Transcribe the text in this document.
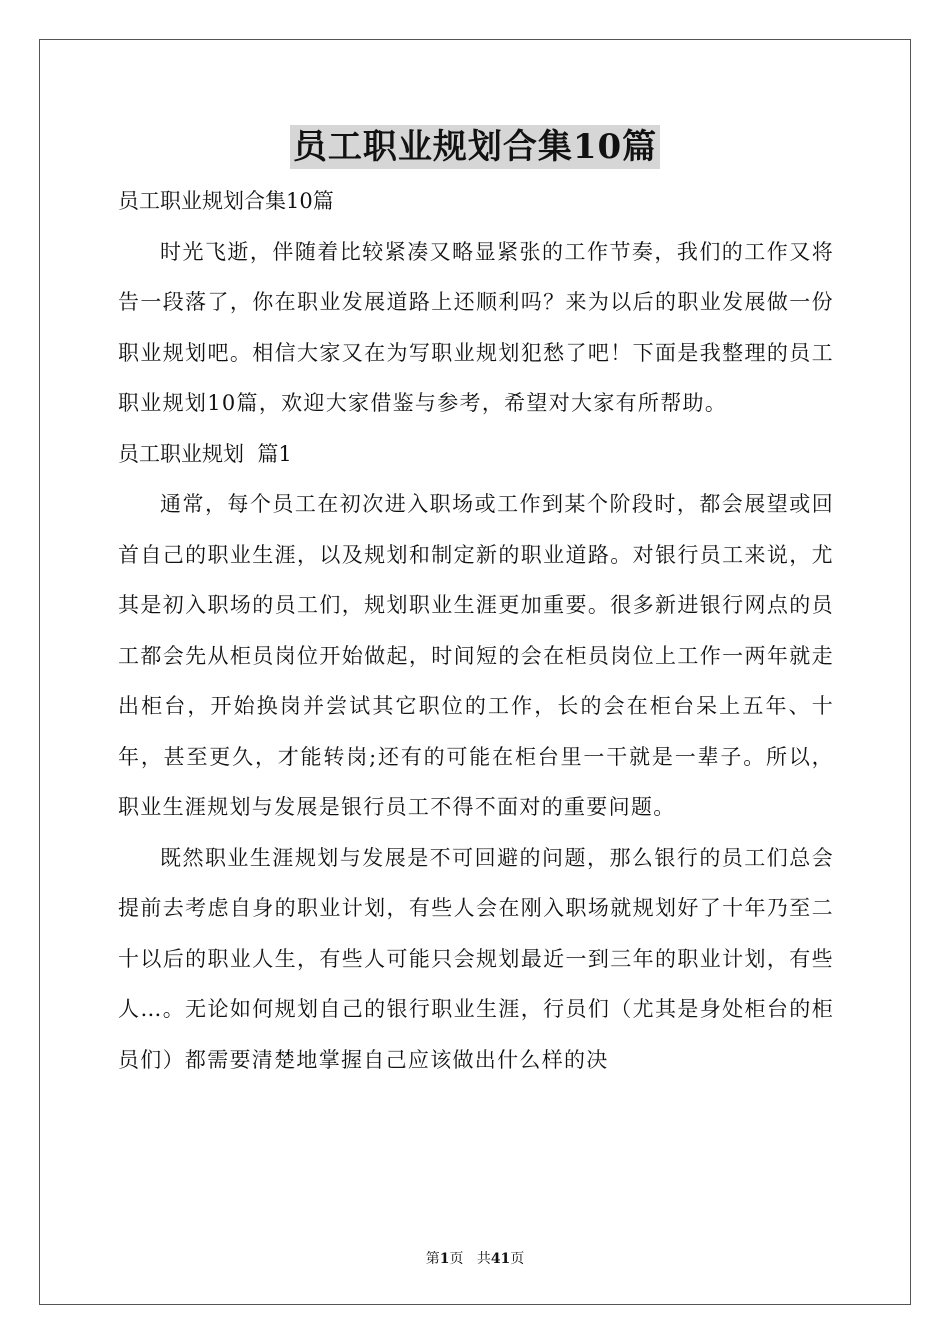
员工职业规划合集10篇
员工职业规划合集10篇

时光飞逝，伴随着比较紧凑又略显紧张的工作节奏，我们的工作又将告一段落了，你在职业发展道路上还顺利吗？来为以后的职业发展做一份职业规划吧。相信大家又在为写职业规划犯愁了吧！下面是我整理的员工职业规划10篇，欢迎大家借鉴与参考，希望对大家有所帮助。

员工职业规划  篇1

通常，每个员工在初次进入职场或工作到某个阶段时，都会展望或回首自己的职业生涯，以及规划和制定新的职业道路。对银行员工来说，尤其是初入职场的员工们，规划职业生涯更加重要。很多新进银行网点的员工都会先从柜员岗位开始做起，时间短的会在柜员岗位上工作一两年就走出柜台，开始换岗并尝试其它职位的工作，长的会在柜台呆上五年、十年，甚至更久，才能转岗;还有的可能在柜台里一干就是一辈子。所以，职业生涯规划与发展是银行员工不得不面对的重要问题。

既然职业生涯规划与发展是不可回避的问题，那么银行的员工们总会提前去考虑自身的职业计划，有些人会在刚入职场就规划好了十年乃至二十以后的职业人生，有些人可能只会规划最近一到三年的职业计划，有些人…。无论如何规划自己的银行职业生涯，行员们（尤其是身处柜台的柜员们）都需要清楚地掌握自己应该做出什么样的决

第1页 共41页
